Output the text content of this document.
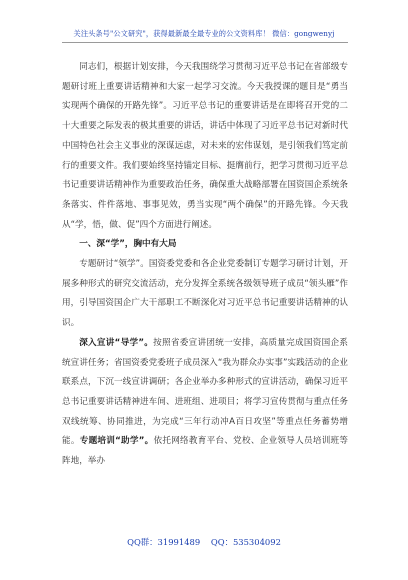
关注头条号"公文研究"，获得最新最全最专业的公文资料库！ 微信：gongwenyj

同志们，根据计划安排，今天我围绕学习贯彻习近平总书记在省部级专题研讨班上重要讲话精神和大家一起学习交流。今天我授课的题目是“勇当实现两个确保的开路先锋”。习近平总书记的重要讲话是在即将召开党的二十大重要之际发表的极其重要的讲话，讲话中体现了习近平总书记对新时代中国特色社会主义事业的深谋远虑，对未来的宏伟谋划，是引领我们笃定前行的重要文件。我们要始终坚持锚定目标、挺膺前行，把学习贯彻习近平总书记重要讲话精神作为重要政治任务，确保重大战略部署在国资国企系统条条落实、件件落地、事事见效，勇当实现“两个确保”的开路先锋。今天我从“学，悟，做、促”四个方面进行阐述。

一、深“学”，胸中有大局

专题研讨“领学”。国资委党委和各企业党委制订专题学习研讨计划，开展多种形式的研究交流活动，充分发挥全系统各级领导班子成员“领头雁”作用，引导国资国企广大干部职工不断深化对习近平总书记重要讲话精神的认识。

深入宣讲“导学”。按照省委宣讲团统一安排，高质量完成国资国企系统宣讲任务；省国资委党委班子成员深入“我为群众办实事”实践活动的企业联系点，下沉一线宣讲调研；各企业举办多种形式的宣讲活动，确保习近平总书记重要讲话精神进车间、进班组、进项目；将学习宣传贯彻与重点任务双线统筹、协同推进，为完成“三年行动冲A百日攻坚”等重点任务蓄势增能。专题培训“助学”。依托网络教育平台、党校、企业领导人员培训班等阵地，举办

QQ群：31991489 QQ：535304092
